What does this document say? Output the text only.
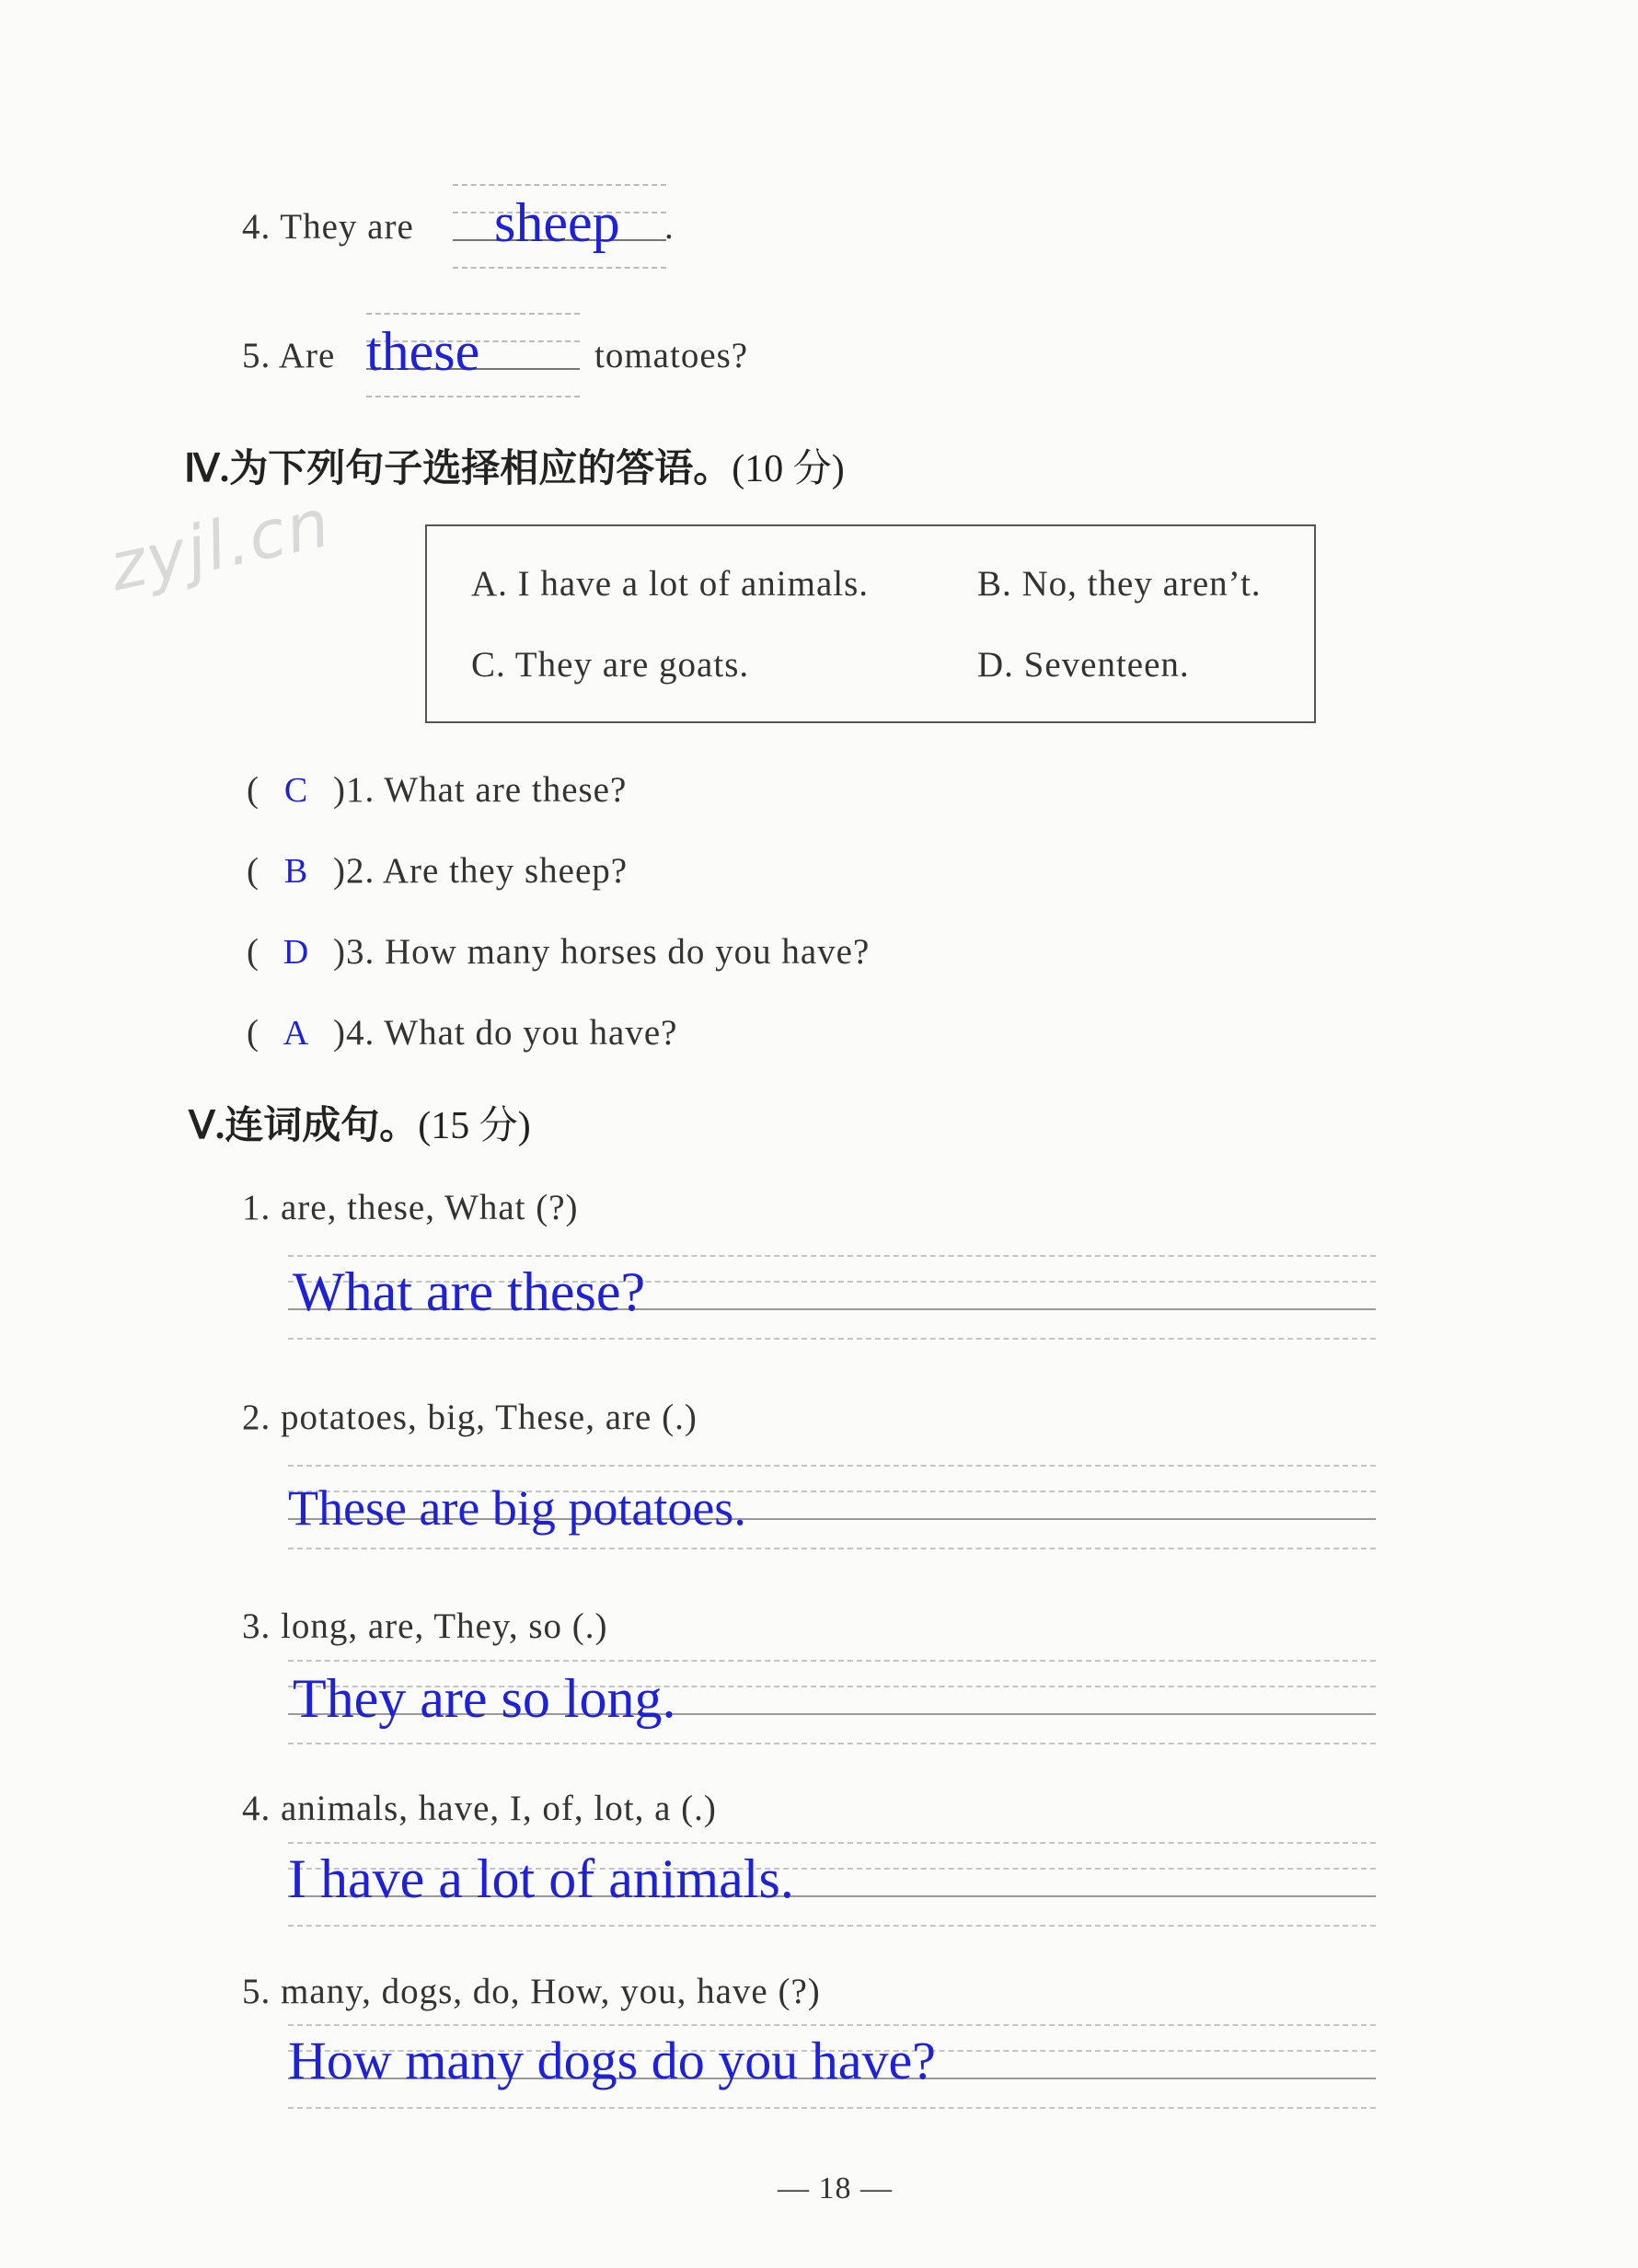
zyjl.cn
4. They are sheep .
5. Are these	tomatoes?
Ⅳ.为下列句子选择相应的答语。(10 分)
A. I have a lot of animals.	B. No, they aren’t.
C. They are goats.	D. Seventeen.
( C )1. What are these?
( B )2. Are they sheep?
( D )3. How many horses do you have?
( A )4. What do you have?
Ⅴ.连词成句。(15 分)
1. are, these, What (?)
What are these?
2. potatoes, big, These, are (.)
These are big potatoes.
3. long, are, They, so (.)
They are so long.
4. animals, have, I, of, lot, a (.)
I have a lot of animals.
5. many, dogs, do, How, you, have (?)
How many dogs do you have?
— 18 —
